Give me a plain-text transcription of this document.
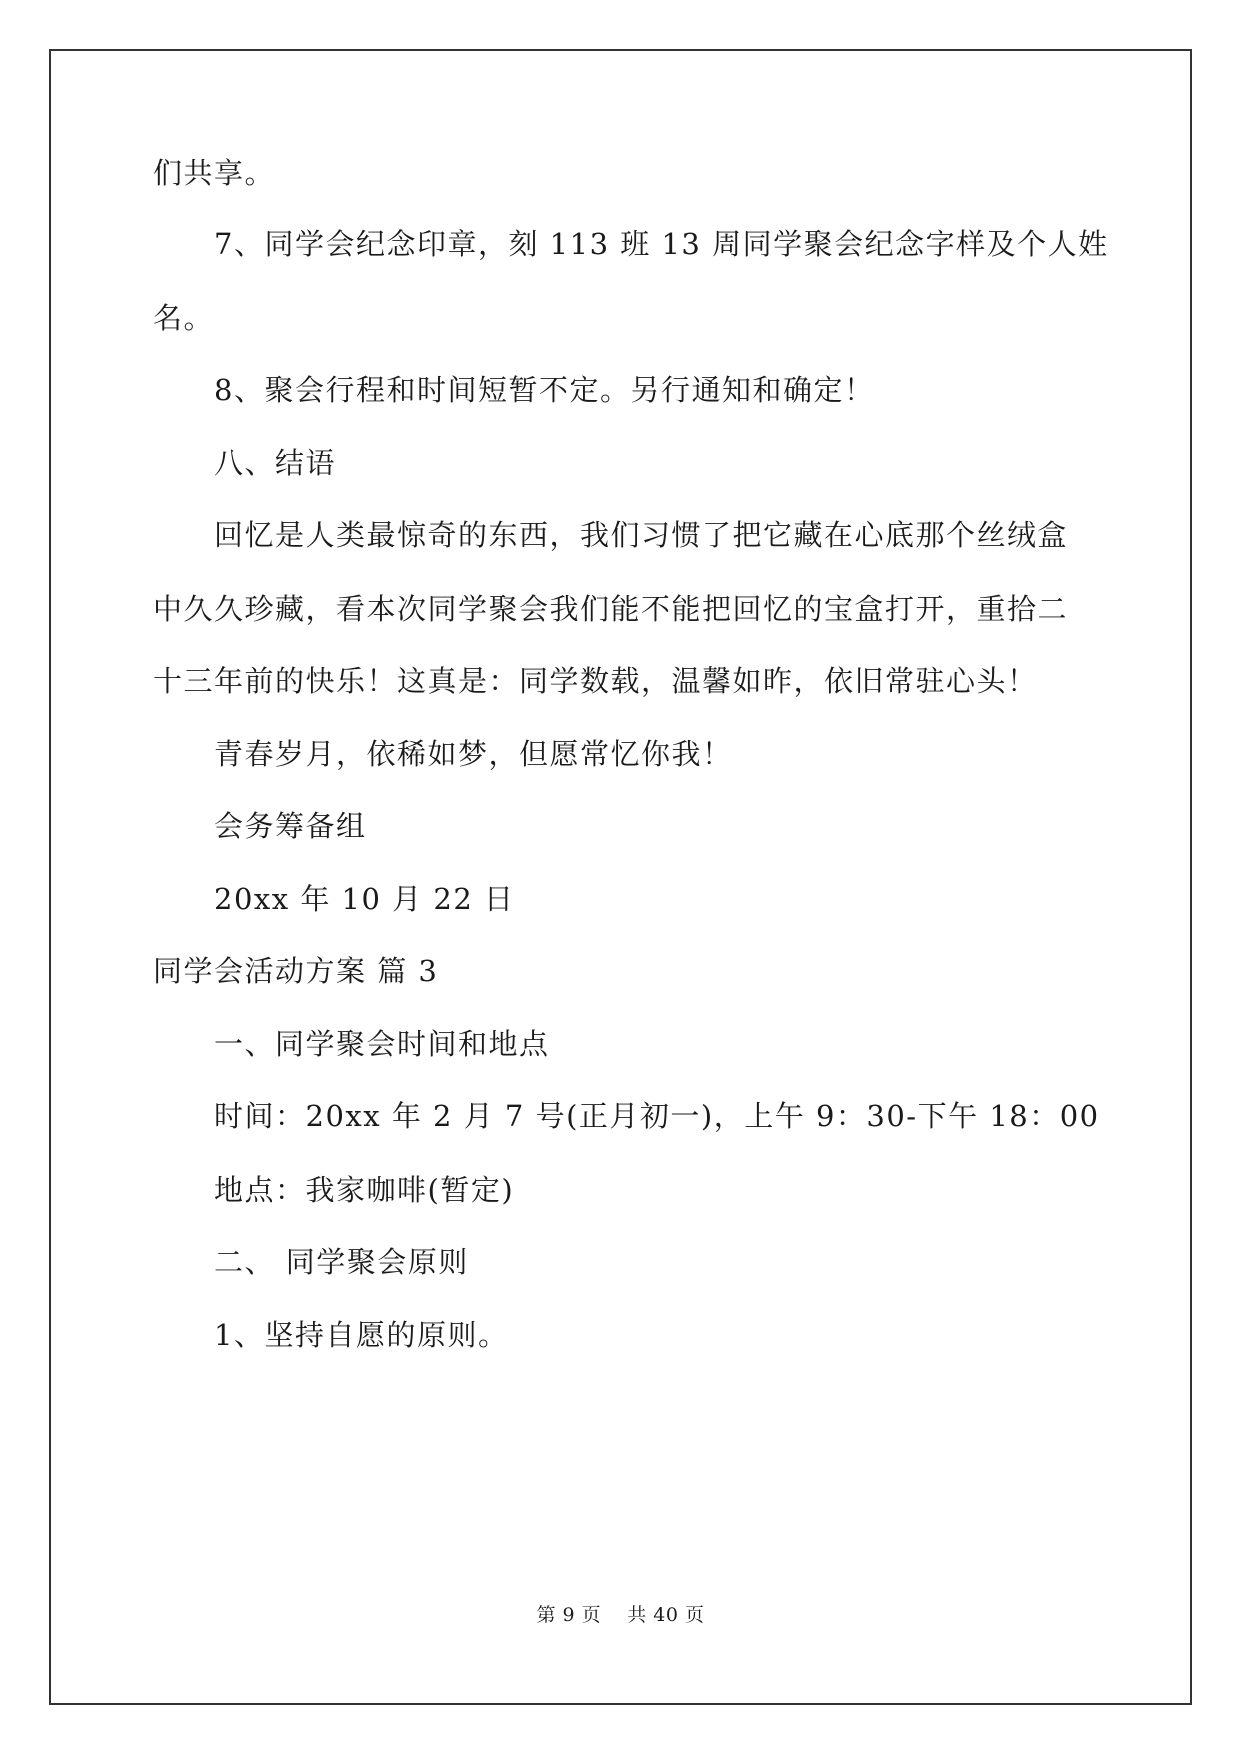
们共享。

7、同学会纪念印章，刻 113 班 13 周同学聚会纪念字样及个人姓

名。

8、聚会行程和时间短暂不定。另行通知和确定！

八、结语

回忆是人类最惊奇的东西，我们习惯了把它藏在心底那个丝绒盒

中久久珍藏，看本次同学聚会我们能不能把回忆的宝盒打开，重拾二

十三年前的快乐！这真是：同学数载，温馨如昨，依旧常驻心头！

青春岁月，依稀如梦，但愿常忆你我！

会务筹备组

20xx 年 10 月 22 日

同学会活动方案 篇 3

一、同学聚会时间和地点

时间：20xx 年 2 月 7 号(正月初一)，上午 9：30-下午 18：00

地点：我家咖啡(暂定)

二、 同学聚会原则

1、坚持自愿的原则。

第 9 页　 共 40 页
